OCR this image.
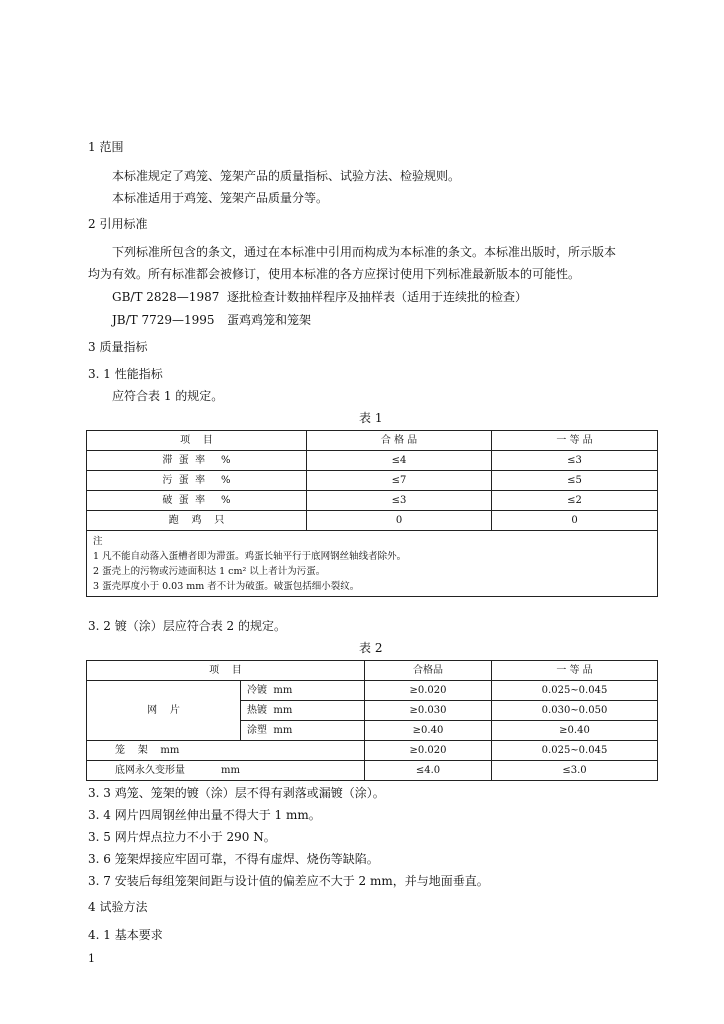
1 范围
本标准规定了鸡笼、笼架产品的质量指标、试验方法、检验规则。
本标准适用于鸡笼、笼架产品质量分等。
2 引用标准
下列标准所包含的条文，通过在本标准中引用而构成为本标准的条文。本标准出版时，所示版本
均为有效。所有标准都会被修订，使用本标准的各方应探讨使用下列标准最新版本的可能性。
GB/T 2828—1987 逐批检查计数抽样程序及抽样表（适用于连续批的检查）
JB/T 7729—1995 蛋鸡鸡笼和笼架
3 质量指标
3. 1 性能指标
应符合表 1 的规定。
表 1
项    目	合 格 品	一 等 品
滞  蛋  率 %	≤4	≤3
污  蛋  率 %	≤7	≤5
破  蛋  率 %	≤3	≤2
跑    鸡    只	0	0

注
1 凡不能自动落入蛋槽者即为滞蛋。鸡蛋长轴平行于底网钢丝轴线者除外。
2 蛋壳上的污物或污迹面积达 1 cm² 以上者计为污蛋。
3 蛋壳厚度小于 0.03 mm 者不计为破蛋。破蛋包括细小裂纹。		
3. 2 镀（涂）层应符合表 2 的规定。
表 2
项    目		合格品	一 等 品
网    片	冷镀  mm	≥0.020	0.025~0.045
	热镀  mm	≥0.030	0.030~0.050
	涂塑  mm	≥0.40	≥0.40
笼    架    mm		≥0.020	0.025~0.045
底网永久变形量 mm		≤4.0	≤3.0
3. 3 鸡笼、笼架的镀（涂）层不得有剥落或漏镀（涂）。
3. 4 网片四周钢丝伸出量不得大于 1 mm。
3. 5 网片焊点拉力不小于 290 N。
3. 6 笼架焊接应牢固可靠，不得有虚焊、烧伤等缺陷。
3. 7 安装后每组笼架间距与设计值的偏差应不大于 2 mm，并与地面垂直。
4 试验方法
4. 1 基本要求
1
